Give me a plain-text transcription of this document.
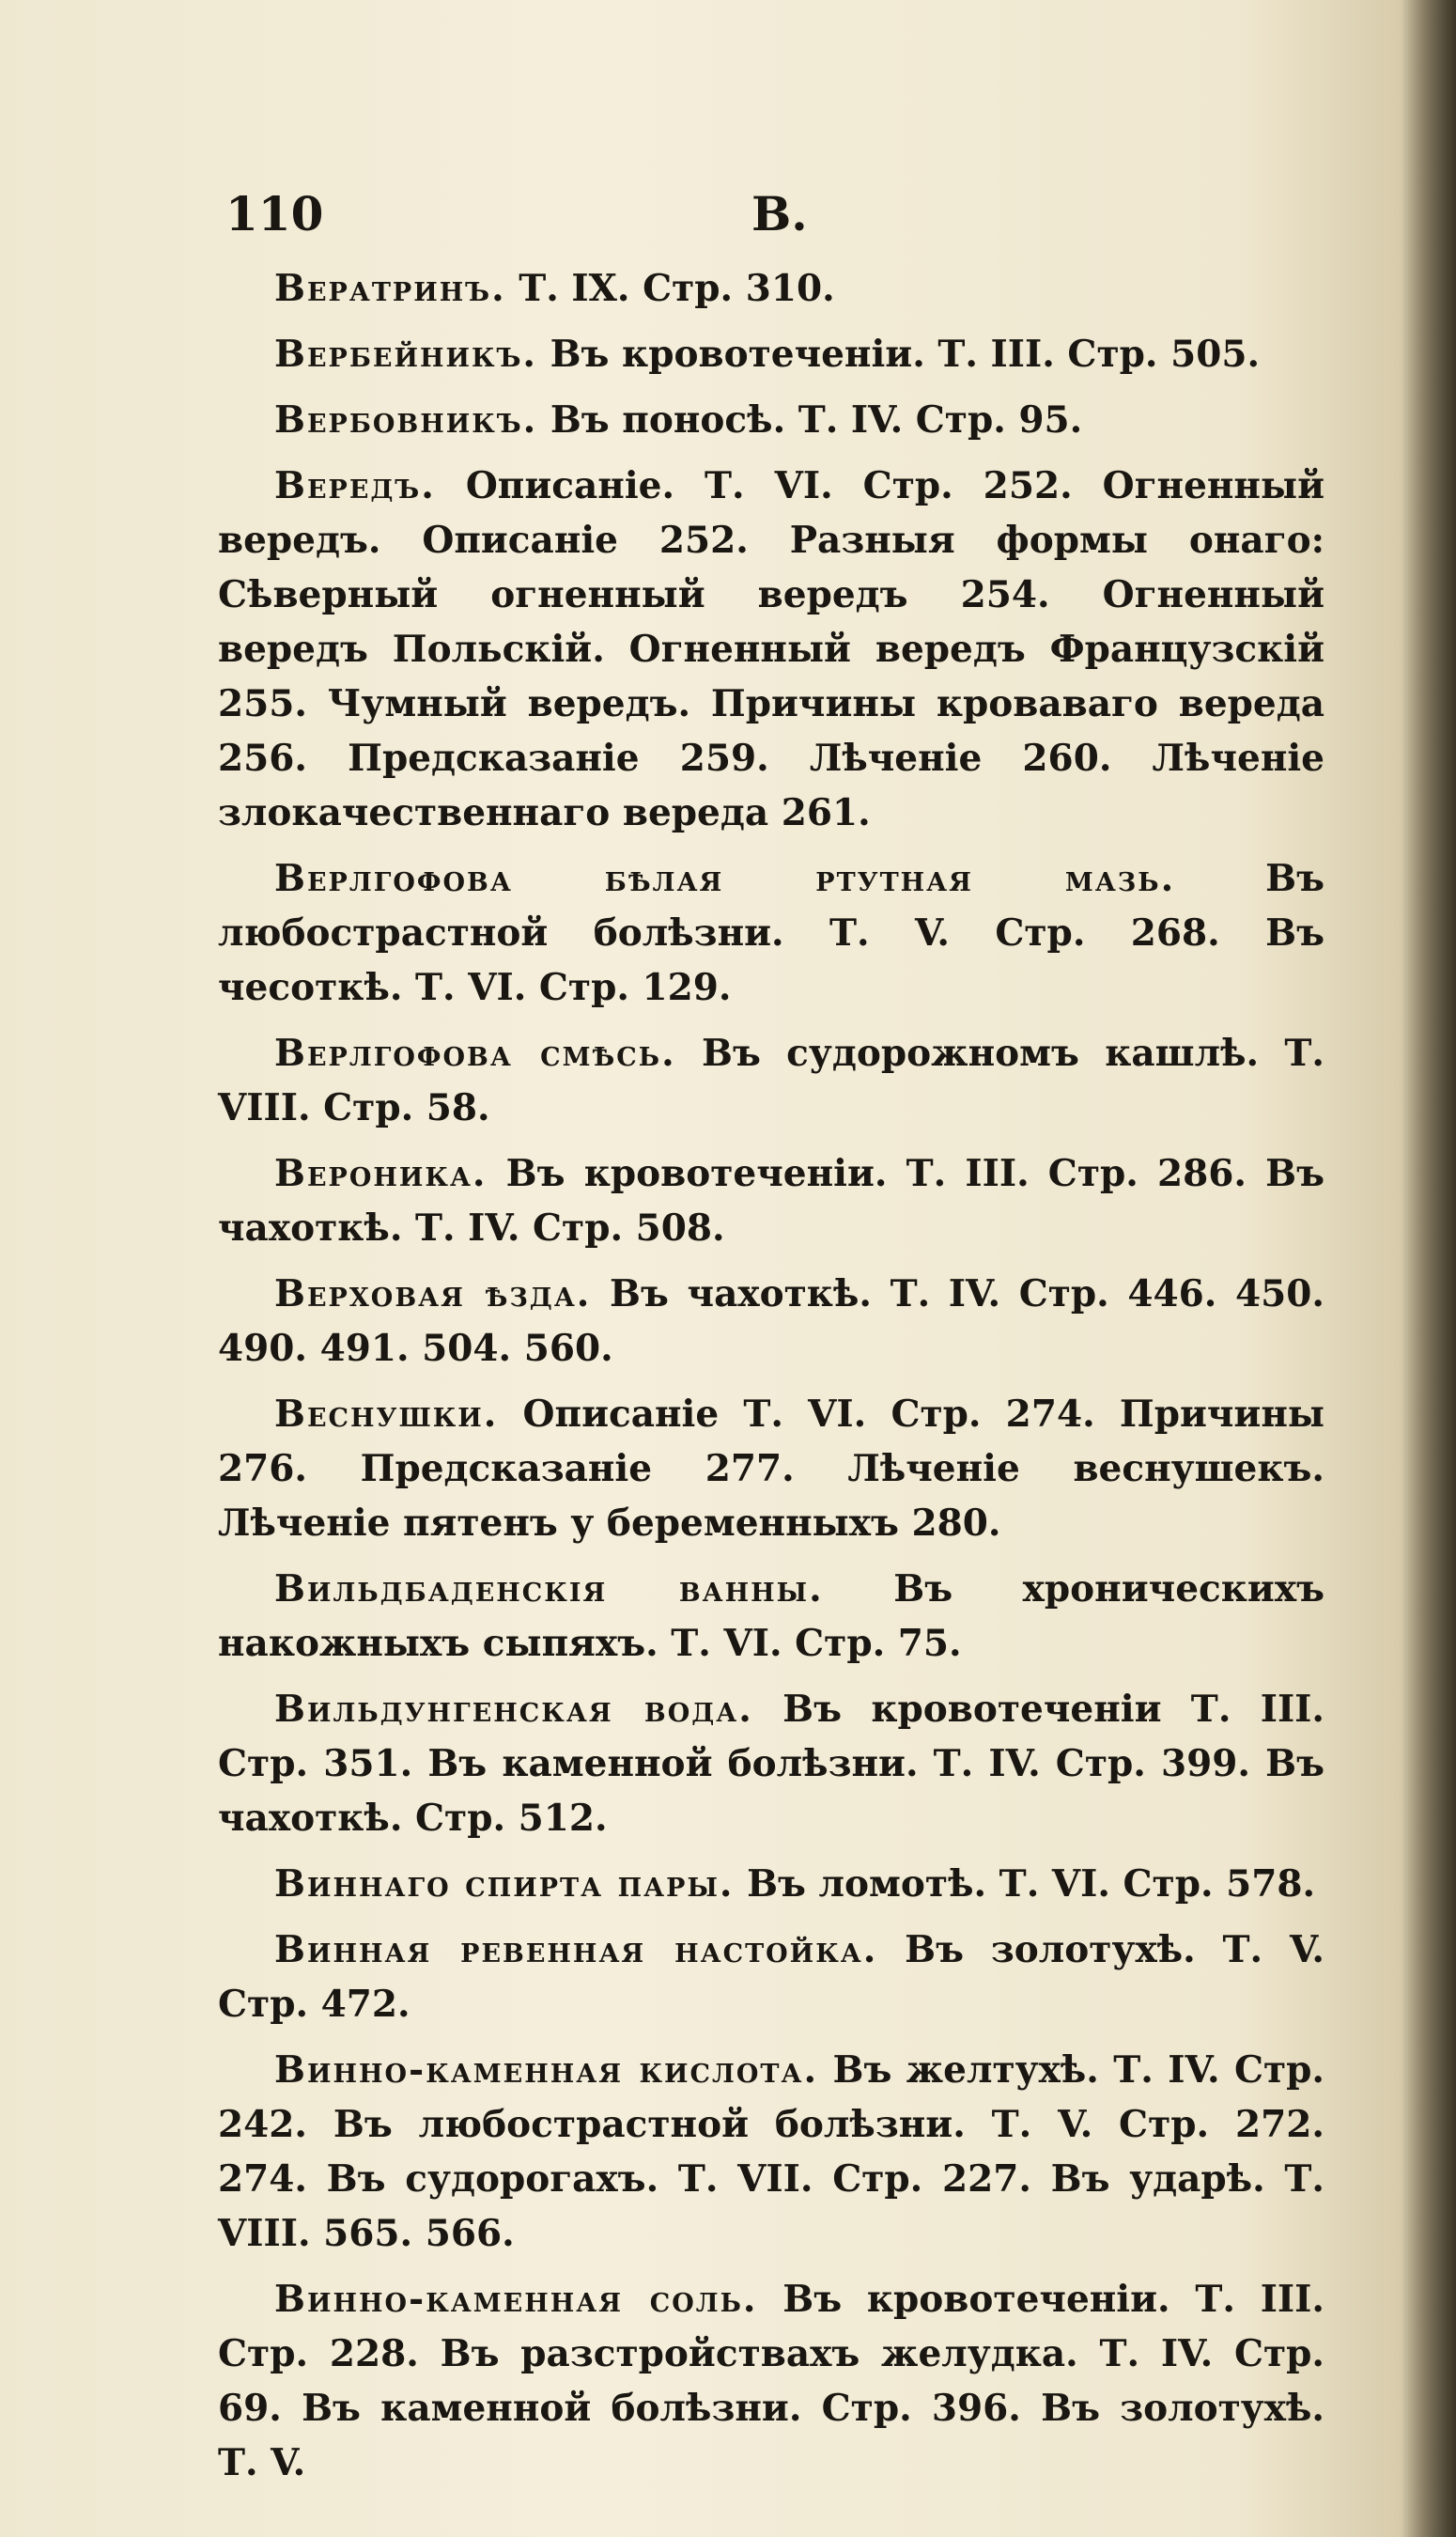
110	В.

Вератринъ. Т. IX. Стр. 310.

Вербейникъ. Въ кровотеченіи. Т. III. Стр. 505.

Вербовникъ. Въ поносѣ. Т. IV. Стр. 95.

Вередъ. Описаніе. Т. VI. Стр. 252. Огненный вередъ. Описаніе 252. Разныя формы онаго: Сѣверный огненный вередъ 254. Огненный вередъ Польскій. Огненный вередъ Французскій 255. Чумный вередъ. Причины кроваваго вереда 256. Предсказаніе 259. Лѣченіе 260. Лѣченіе злокачественнаго вереда 261.

Верлгофова бѣлая ртутная мазь. Въ любострастной болѣзни. Т. V. Стр. 268. Въ чесоткѣ. Т. VI. Стр. 129.

Верлгофова смѣсь. Въ судорожномъ кашлѣ. Т. VIII. Стр. 58.

Вероника. Въ кровотеченіи. Т. III. Стр. 286. Въ чахоткѣ. Т. IV. Стр. 508.

Верховая ѣзда. Въ чахоткѣ. Т. IV. Стр. 446. 450. 490. 491. 504. 560.

Веснушки. Описаніе Т. VI. Стр. 274. Причины 276. Предсказаніе 277. Лѣченіе веснушекъ. Лѣченіе пятенъ у беременныхъ 280.

Вильдбаденскія ванны. Въ хроническихъ накожныхъ сыпяхъ. Т. VI. Стр. 75.

Вильдунгенская вода. Въ кровотеченіи Т. III. Стр. 351. Въ каменной болѣзни. Т. IV. Стр. 399. Въ чахоткѣ. Стр. 512.

Виннаго спирта пары. Въ ломотѣ. Т. VI. Стр. 578.

Винная ревенная настойка. Въ золотухѣ. Т. V. Стр. 472.

Винно-каменная кислота. Въ желтухѣ. Т. IV. Стр. 242. Въ любострастной болѣзни. Т. V. Стр. 272. 274. Въ судорогахъ. Т. VII. Стр. 227. Въ ударѣ. Т. VIII. 565. 566.

Винно-каменная соль. Въ кровотеченіи. Т. III. Стр. 228. Въ разстройствахъ желудка. Т. IV. Стр. 69. Въ каменной болѣзни. Стр. 396. Въ золотухѣ. Т. V.
